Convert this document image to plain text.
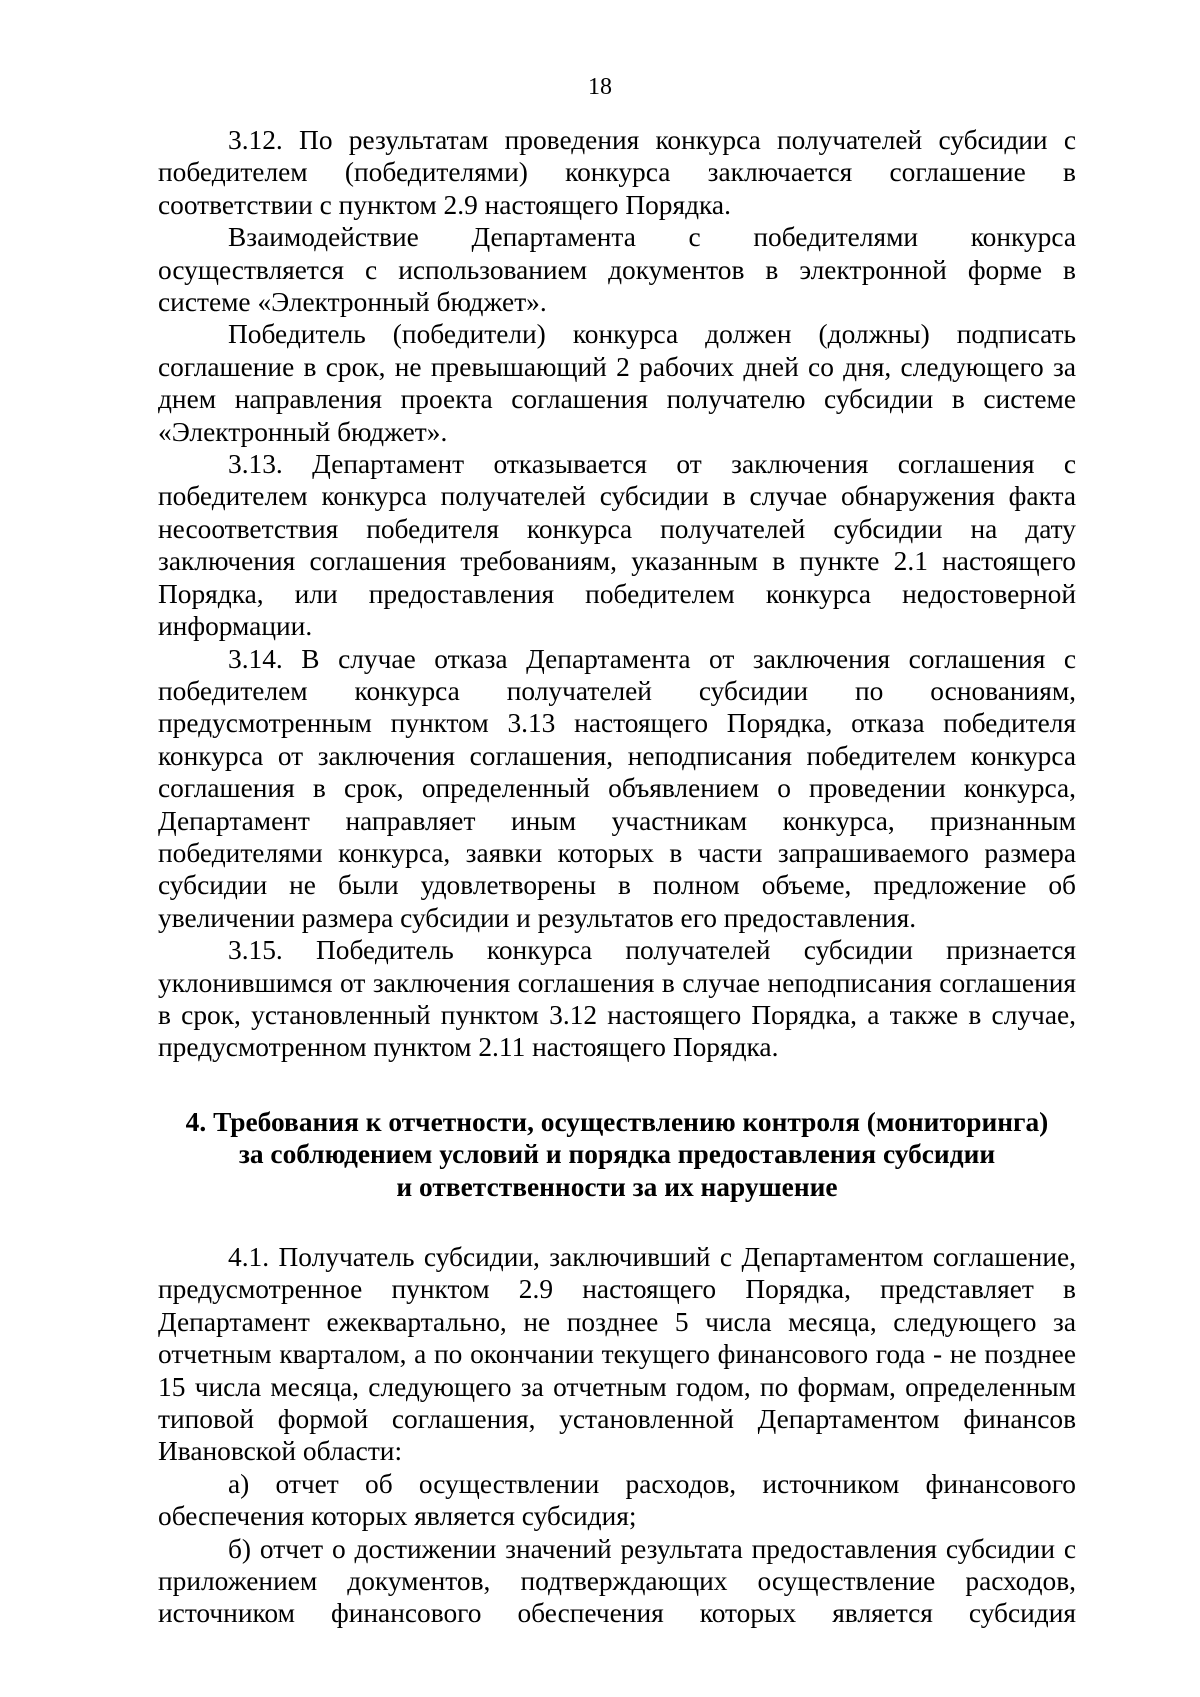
18

3.12. По результатам проведения конкурса получателей субсидии с победителем (победителями) конкурса заключается соглашение в соответствии с пунктом 2.9 настоящего Порядка.

Взаимодействие Департамента с победителями конкурса осуществляется с использованием документов в электронной форме в системе «Электронный бюджет».

Победитель (победители) конкурса должен (должны) подписать соглашение в срок, не превышающий 2 рабочих дней со дня, следующего за днем направления проекта соглашения получателю субсидии в системе «Электронный бюджет».

3.13. Департамент отказывается от заключения соглашения с победителем конкурса получателей субсидии в случае обнаружения факта несоответствия победителя конкурса получателей субсидии на дату заключения соглашения требованиям, указанным в пункте 2.1 настоящего Порядка, или предоставления победителем конкурса недостоверной информации.

3.14. В случае отказа Департамента от заключения соглашения с победителем конкурса получателей субсидии по основаниям, предусмотренным пунктом 3.13 настоящего Порядка, отказа победителя конкурса от заключения соглашения, неподписания победителем конкурса соглашения в срок, определенный объявлением о проведении конкурса, Департамент направляет иным участникам конкурса, признанным победителями конкурса, заявки которых в части запрашиваемого размера субсидии не были удовлетворены в полном объеме, предложение об увеличении размера субсидии и результатов его предоставления.

3.15. Победитель конкурса получателей субсидии признается уклонившимся от заключения соглашения в случае неподписания соглашения в срок, установленный пунктом 3.12 настоящего Порядка, а также в случае, предусмотренном пунктом 2.11 настоящего Порядка.

4. Требования к отчетности, осуществлению контроля (мониторинга)
за соблюдением условий и порядка предоставления субсидии
и ответственности за их нарушение

4.1. Получатель субсидии, заключивший с Департаментом соглашение, предусмотренное пунктом 2.9 настоящего Порядка, представляет в Департамент ежеквартально, не позднее 5 числа месяца, следующего за отчетным кварталом, а по окончании текущего финансового года - не позднее 15 числа месяца, следующего за отчетным годом, по формам, определенным типовой формой соглашения, установленной Департаментом финансов Ивановской области:

а) отчет об осуществлении расходов, источником финансового обеспечения которых является субсидия;

б) отчет о достижении значений результата предоставления субсидии с приложением документов, подтверждающих осуществление расходов, источником финансового обеспечения которых является субсидия
